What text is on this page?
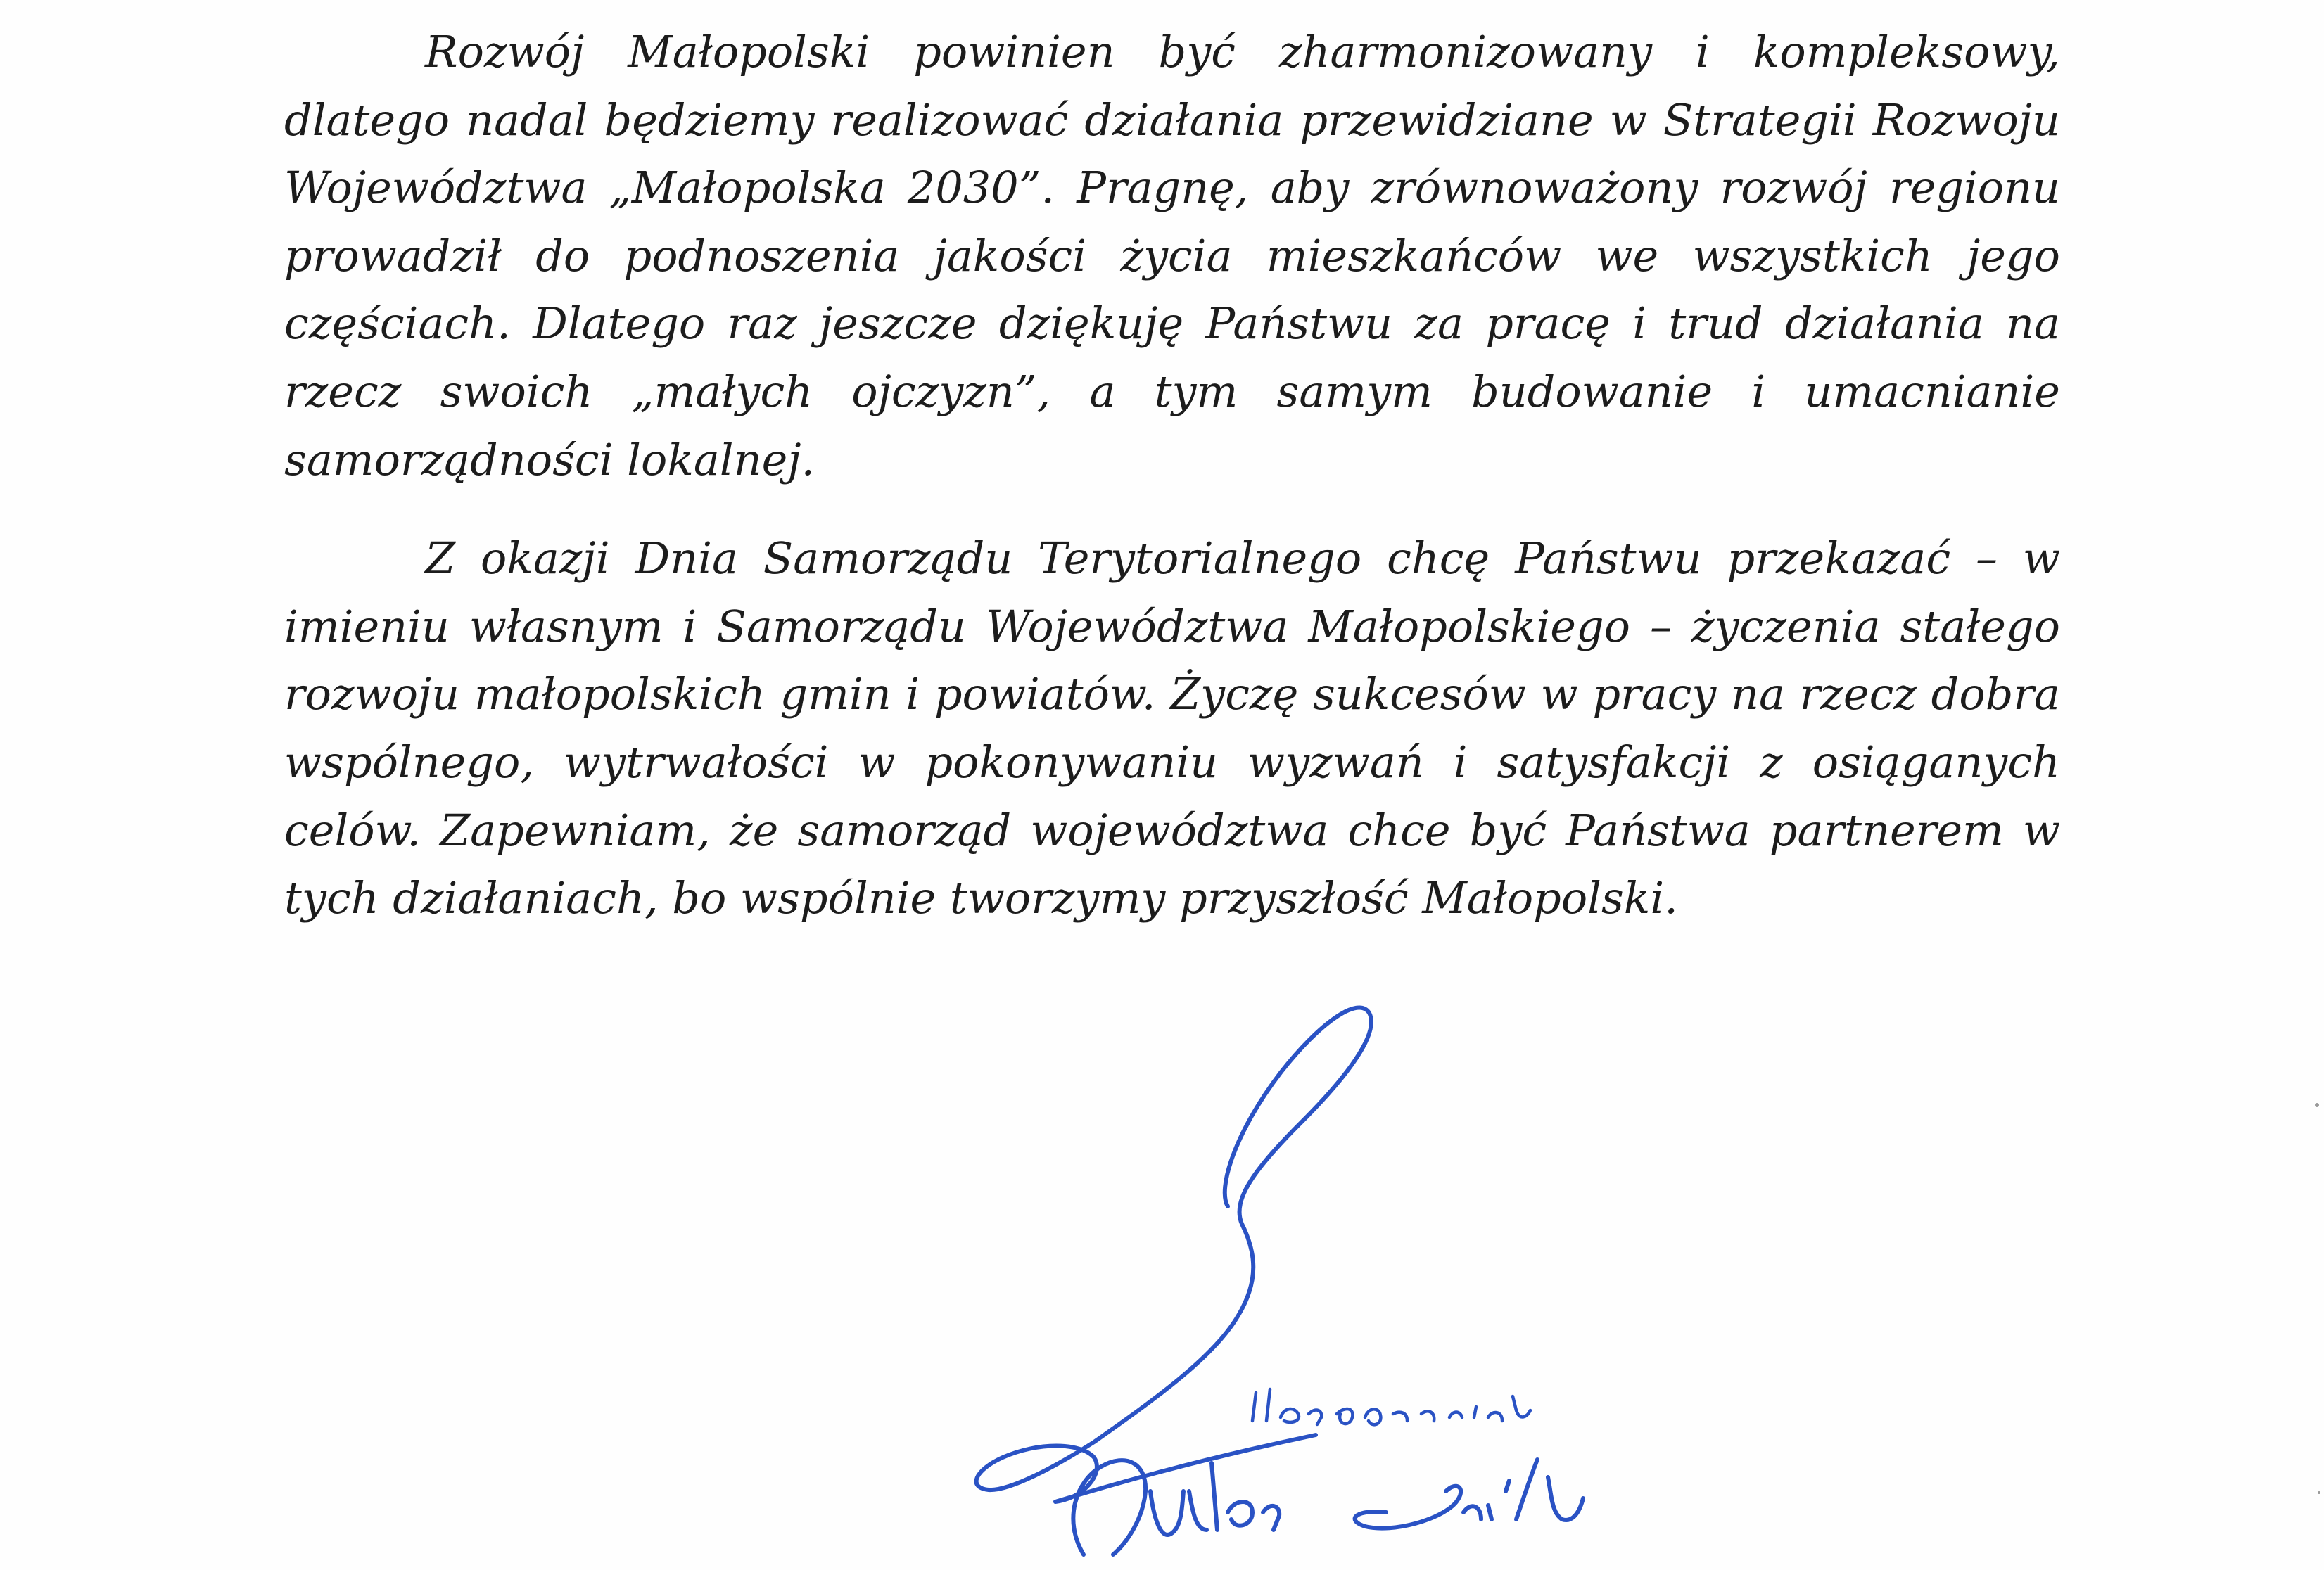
Rozwój Małopolski powinien być zharmonizowany i kompleksowy, dlatego nadal będziemy realizować działania przewidziane w Strategii Rozwoju Województwa „Małopolska 2030”. Pragnę, aby zrównoważony rozwój regionu prowadził do podnoszenia jakości życia mieszkańców we wszystkich jego częściach. Dlatego raz jeszcze dziękuję Państwu za pracę i trud działania na rzecz swoich „małych ojczyzn”, a tym samym budowanie i umacnianie samorządności lokalnej.

Z okazji Dnia Samorządu Terytorialnego chcę Państwu przekazać – w imieniu własnym i Samorządu Województwa Małopolskiego – życzenia stałego rozwoju małopolskich gmin i powiatów. Życzę sukcesów w pracy na rzecz dobra wspólnego, wytrwałości w pokonywaniu wyzwań i satysfakcji z osiąganych celów. Zapewniam, że samorząd województwa chce być Państwa partnerem w tych działaniach, bo wspólnie tworzymy przyszłość Małopolski.
